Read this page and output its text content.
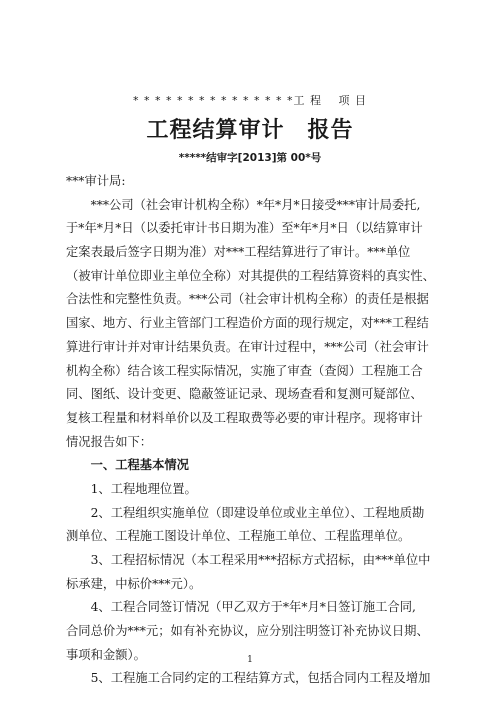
* * * * * * * * * * * * * * *工 程　 项 目
工程结算审计　报告
*****结审字[2013]第 00*号
***审计局:
　　***公司（社会审计机构全称）*年*月*日接受***审计局委托,
于*年*月*日（以委托审计书日期为准）至*年*月*日（以结算审计
定案表最后签字日期为准）对***工程结算进行了审计。***单位
（被审计单位即业主单位全称）对其提供的工程结算资料的真实性、
合法性和完整性负责。***公司（社会审计机构全称）的责任是根据
国家、地方、行业主管部门工程造价方面的现行规定，对***工程结
算进行审计并对审计结果负责。在审计过程中，***公司（社会审计
机构全称）结合该工程实际情况，实施了审查（查阅）工程施工合
同、图纸、设计变更、隐蔽签证记录、现场查看和复测可疑部位、
复核工程量和材料单价以及工程取费等必要的审计程序。现将审计
情况报告如下：
　　一、工程基本情况
　　1、工程地理位置。
　　2、工程组织实施单位（即建设单位或业主单位）、工程地质勘
测单位、工程施工图设计单位、工程施工单位、工程监理单位。
　　3、工程招标情况（本工程采用***招标方式招标，由***单位中
标承建，中标价***元）。
　　4、工程合同签订情况（甲乙双方于*年*月*日签订施工合同,
合同总价为***元；如有补充协议，应分别注明签订补充协议日期、
事项和金额）。
　　5、工程施工合同约定的工程结算方式，包括合同内工程及增加
1
